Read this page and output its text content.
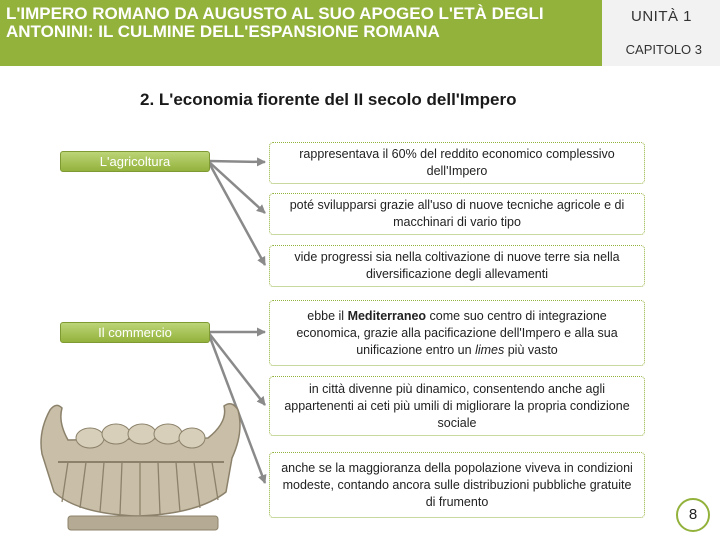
L'IMPERO ROMANO DA AUGUSTO AL SUO APOGEO L'ETÀ DEGLI ANTONINI: IL CULMINE DELL'ESPANSIONE ROMANA
UNITÀ 1
CAPITOLO 3
2. L'economia fiorente del II secolo dell'Impero
L'agricoltura
Il commercio
rappresentava il 60% del reddito economico complessivo dell'Impero
poté svilupparsi grazie all'uso di nuove tecniche agricole e di macchinari di vario tipo
vide progressi sia nella coltivazione di nuove terre sia nella diversificazione degli allevamenti
ebbe il Mediterraneo come suo centro di integrazione economica, grazie alla pacificazione dell'Impero e alla sua unificazione entro un limes più vasto
in città divenne più dinamico, consentendo anche agli appartenenti ai ceti più umili di migliorare la propria condizione sociale
anche se la maggioranza della popolazione viveva in condizioni modeste, contando ancora sulle distribuzioni pubbliche gratuite di frumento
8
